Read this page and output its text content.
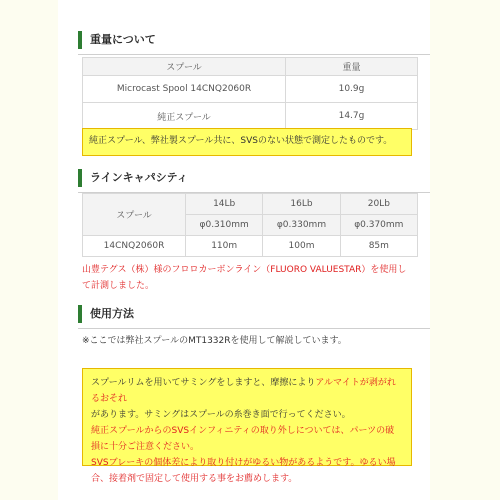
重量について
スプール	重量
Microcast Spool 14CNQ2060R	10.9g
純正スプール	14.7g
純正スプール、弊社製スプール共に、SVSのない状態で測定したものです。
ラインキャパシティ
スプール	14Lb	16Lb	20Lb
	φ0.310mm	φ0.330mm	φ0.370mm
14CNQ2060R	110m	100m	85m
山豊テグス（株）様のフロロカーボンライン（FLUORO VALUESTAR）を使用して計測しました。
使用方法
※ここでは弊社スプールのMT1332Rを使用して解説しています。
スプールリムを用いてサミングをしますと、摩擦によりアルマイトが剥がれるおそれ
があります。サミングはスプールの糸巻き面で行ってください。
純正スプールからのSVSインフィニティの取り外しについては、パーツの破損に十分ご注意ください。
SVSブレーキの個体差により取り付けがゆるい物があるようです。ゆるい場合、接着剤で固定して使用する事をお薦めします。
